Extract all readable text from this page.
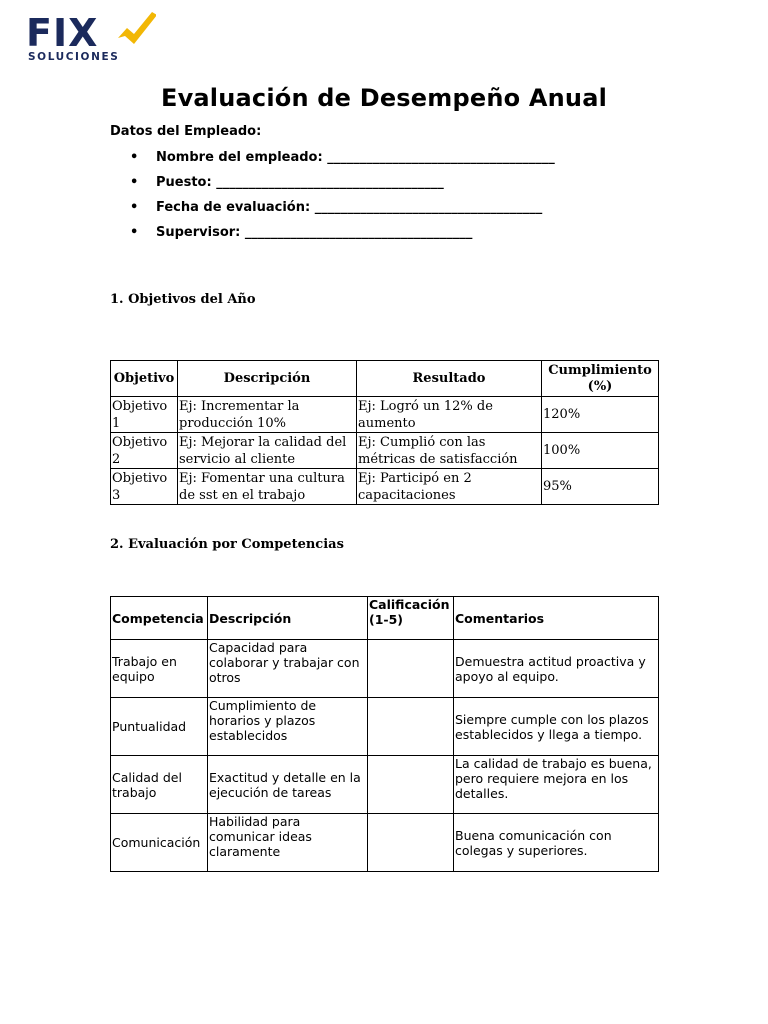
FIX
SOLUCIONES
Evaluación de Desempeño Anual
Datos del Empleado:
• Nombre del empleado: ___________________________________
• Puesto: ___________________________________
• Fecha de evaluación: ___________________________________
• Supervisor: ___________________________________
1. Objetivos del Año
Objetivo	Descripción	Resultado	Cumplimiento (%)
Objetivo 1	Ej: Incrementar la producción 10%	Ej: Logró un 12% de aumento	120%
Objetivo 2	Ej: Mejorar la calidad del servicio al cliente	Ej: Cumplió con las métricas de satisfacción	100%
Objetivo 3	Ej: Fomentar una cultura de sst en el trabajo	Ej: Participó en 2 capacitaciones	95%
2. Evaluación por Competencias
Competencia	Descripción	Calificación (1-5)	Comentarios
Trabajo en equipo	Capacidad para colaborar y trabajar con otros		Demuestra actitud proactiva y apoyo al equipo.
Puntualidad	Cumplimiento de horarios y plazos establecidos		Siempre cumple con los plazos establecidos y llega a tiempo.
Calidad del trabajo	Exactitud y detalle en la ejecución de tareas		La calidad de trabajo es buena, pero requiere mejora en los detalles.
Comunicación	Habilidad para comunicar ideas claramente		Buena comunicación con colegas y superiores.
